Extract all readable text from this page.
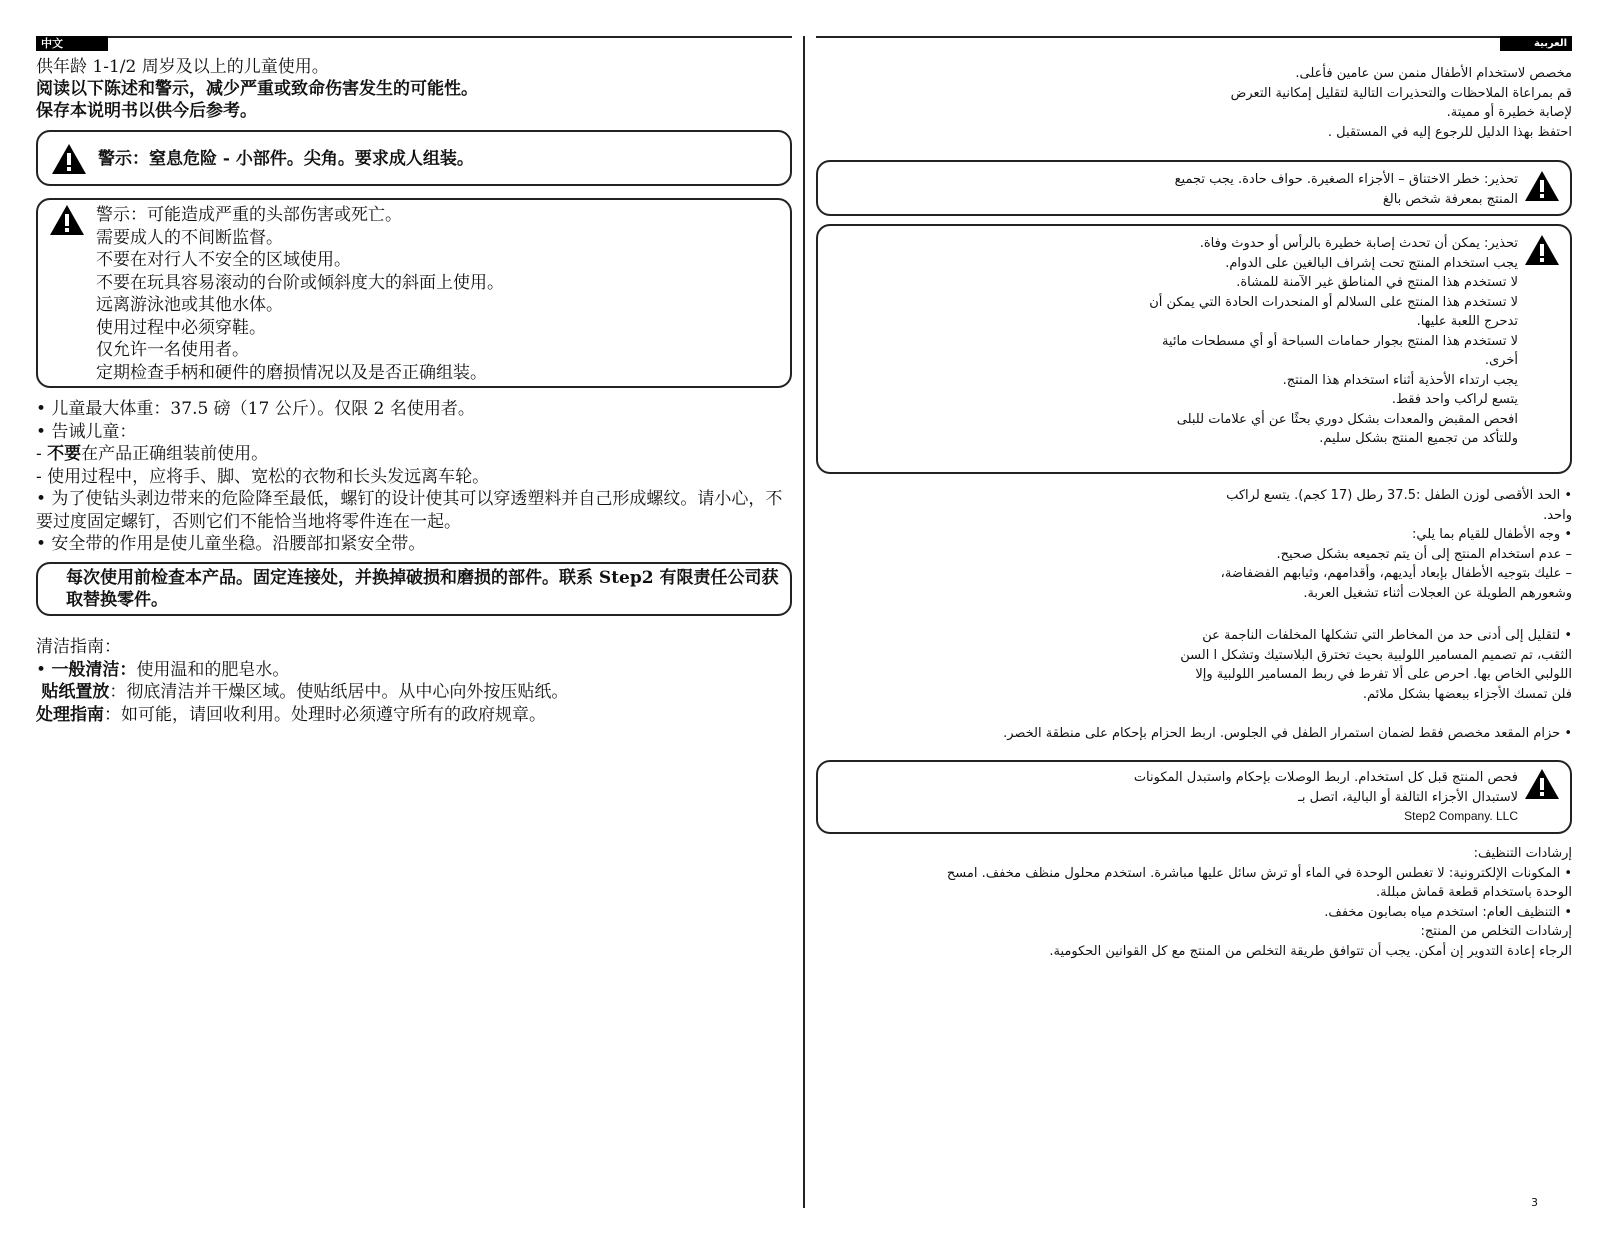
中文	العربية

供年龄 1-1/2 周岁及以上的儿童使用。

阅读以下陈述和警示，减少严重或致命伤害发生的可能性。

保存本说明书以供今后参考。

警示：窒息危险 - 小部件。尖角。要求成人组装。

警示：可能造成严重的头部伤害或死亡。

需要成人的不间断监督。

不要在对行人不安全的区域使用。

不要在玩具容易滚动的台阶或倾斜度大的斜面上使用。

远离游泳池或其他水体。

使用过程中必须穿鞋。

仅允许一名使用者。

定期检查手柄和硬件的磨损情况以及是否正确组装。

• 儿童最大体重：37.5 磅（17 公斤）。仅限 2 名使用者。

• 告诫儿童：

- 不要在产品正确组装前使用。

- 使用过程中，应将手、脚、宽松的衣物和长头发远离车轮。

• 为了使钻头剥边带来的危险降至最低，螺钉的设计使其可以穿透塑料并自己形成螺纹。请小心，不要过度固定螺钉，否则它们不能恰当地将零件连在一起。

• 安全带的作用是使儿童坐稳。沿腰部扣紧安全带。

每次使用前检查本产品。固定连接处，并换掉破损和磨损的部件。联系 Step2 有限责任公司获取替换零件。

清洁指南：

• 一般清洁：使用温和的肥皂水。

贴纸置放：彻底清洁并干燥区域。使贴纸居中。从中心向外按压贴纸。

处理指南：如可能，请回收利用。处理时必须遵守所有的政府规章。

مخصص لاستخدام الأطفال منمن سن عامين فأعلى.

قم بمراعاة الملاحظات والتحذيرات التالية لتقليل إمكانية التعرض

لإصابة خطيرة أو مميتة.

احتفظ بهذا الدليل للرجوع إليه في المستقبل .

تحذير: خطر الاختناق – الأجزاء الصغيرة. حواف حادة. يجب تجميع

المنتج بمعرفة شخص بالغ

تحذير: يمكن أن تحدث إصابة خطيرة بالرأس أو حدوث وفاة.

يجب استخدام المنتج تحت إشراف البالغين على الدوام.

لا تستخدم هذا المنتج في المناطق غير الآمنة للمشاة.

لا تستخدم هذا المنتج على السلالم أو المنحدرات الحادة التي يمكن أن

تدحرج اللعبة عليها.

لا تستخدم هذا المنتج بجوار حمامات السباحة أو أي مسطحات مائية

أخرى.

يجب ارتداء الأحذية أثناء استخدام هذا المنتج.

يتسع لراكب واحد فقط.

افحص المقبض والمعدات بشكل دوري بحثًا عن أي علامات للبلى

وللتأكد من تجميع المنتج بشكل سليم.

• الحد الأقصى لوزن الطفل :37.5 رطل (17 كجم). يتسع لراكب

واحد.

• وجه الأطفال للقيام بما يلي:

– عدم استخدام المنتج إلى أن يتم تجميعه بشكل صحيح.

– عليك بتوجيه الأطفال بإبعاد أيديهم، وأقدامهم، وثيابهم الفضفاضة،

وشعورهم الطويلة عن العجلات أثناء تشغيل العربة.

• لتقليل إلى أدنى حد من المخاطر التي تشكلها المخلفات الناجمة عن

الثقب، تم تصميم المسامير اللولبية بحيث تخترق البلاستيك وتشكل ا السن

اللولبي الخاص بها. احرص على ألا تفرط في ربط المسامير اللولبية وإلا

فلن تمسك الأجزاء ببعضها بشكل ملائم.

• حزام المقعد مخصص فقط لضمان استمرار الطفل في الجلوس. اربط الحزام بإحكام على منطقة الخصر.

فحص المنتج قبل كل استخدام. اربط الوصلات بإحكام واستبدل المكونات

لاستبدال الأجزاء التالفة أو البالية، اتصل بـ

Step2 Company. LLC

إرشادات التنظيف:

• المكونات الإلكترونية: لا تغطس الوحدة في الماء أو ترش سائل عليها مباشرة. استخدم محلول منظف مخفف. امسح

الوحدة باستخدام قطعة قماش مبللة.

• التنظيف العام: استخدم مياه بصابون مخفف.

إرشادات التخلص من المنتج:

الرجاء إعادة التدوير إن أمكن. يجب أن تتوافق طريقة التخلص من المنتج مع كل القوانين الحكومية.

3
